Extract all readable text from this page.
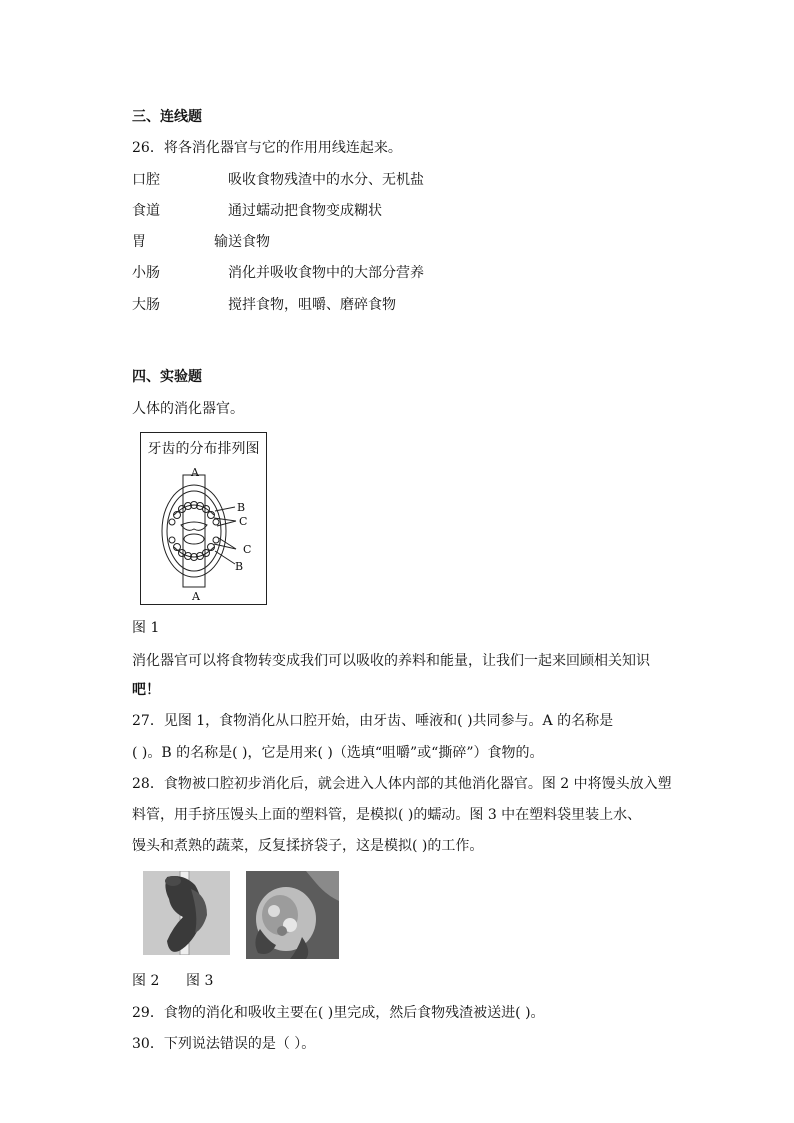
三、连线题
26．将各消化器官与它的作用用线连起来。
口腔	吸收食物残渣中的水分、无机盐
食道	通过蠕动把食物变成糊状
胃	输送食物
小肠	消化并吸收食物中的大部分营养
大肠	搅拌食物，咀嚼、磨碎食物
四、实验题
人体的消化器官。
牙齿的分布排列图
A
B
C
C
B
A
图 1
消化器官可以将食物转变成我们可以吸收的养料和能量，让我们一起来回顾相关知识
吧！
27．见图 1，食物消化从口腔开始，由牙齿、唾液和( )共同参与。A 的名称是
( )。B 的名称是( )，它是用来( )（选填“咀嚼”或“撕碎”）食物的。
28．食物被口腔初步消化后，就会进入人体内部的其他消化器官。图 2 中将馒头放入塑
料管，用手挤压馒头上面的塑料管，是模拟( )的蠕动。图 3 中在塑料袋里装上水、
馒头和煮熟的蔬菜，反复揉挤袋子，这是模拟( )的工作。
图 2      图 3
29．食物的消化和吸收主要在( )里完成，然后食物残渣被送进( )。
30．下列说法错误的是（ ）。
